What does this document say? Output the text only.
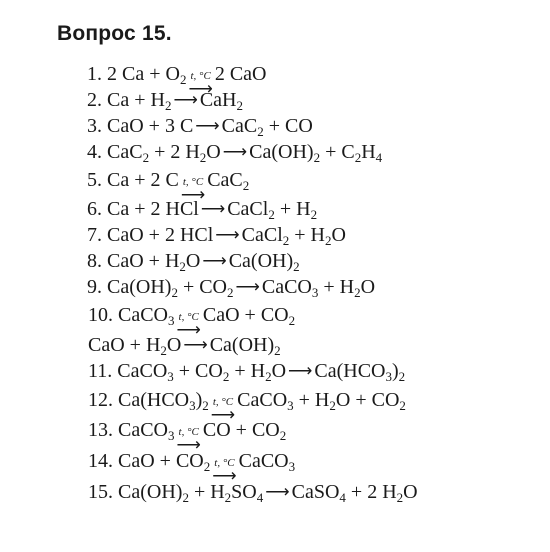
Вопрос 15.
1. 2 $Ca + O_2$ t, °C
⟶
2 CaO
2. $Ca + H_2⟶CaH_2$
3. CaO + 3 C⟶CaC$_2$ + CO
4. CaC$_2$ + 2 $H_2O⟶Ca(OH)_2 + C_2H_4$
5. Ca + 2 C t, °C
⟶
CaC$_2$
6. Ca + 2 HCl⟶CaCl$_2$ + $H_2$
7. CaO + 2 HCl⟶CaCl$_2$ + $H_2O$
8. CaO + $H_2O⟶Ca(OH)_2$
9. $Ca(OH)_2$ + $CO_2⟶CaCO_3 + H_2O$
10. CaCO$_3$ t, °C
⟶
CaO + $CO_2$
CaO + $H_2O⟶Ca(OH)_2$
11. CaCO$_3$ + $CO_2$ + $H_2O⟶Ca(HCO_3)_2$
12. $Ca(HCO_3)_2$ t, °C
⟶
CaCO$_3$ + $H_2O + CO_2$
13. CaCO$_3$ t, °C
⟶
CO + $CO_2$
14. CaO + $CO_2$ t, °C
⟶
CaCO$_3$
15. $Ca(OH)_2$ + $H_2SO_4⟶CaSO_4 + 2$ $H_2O$
